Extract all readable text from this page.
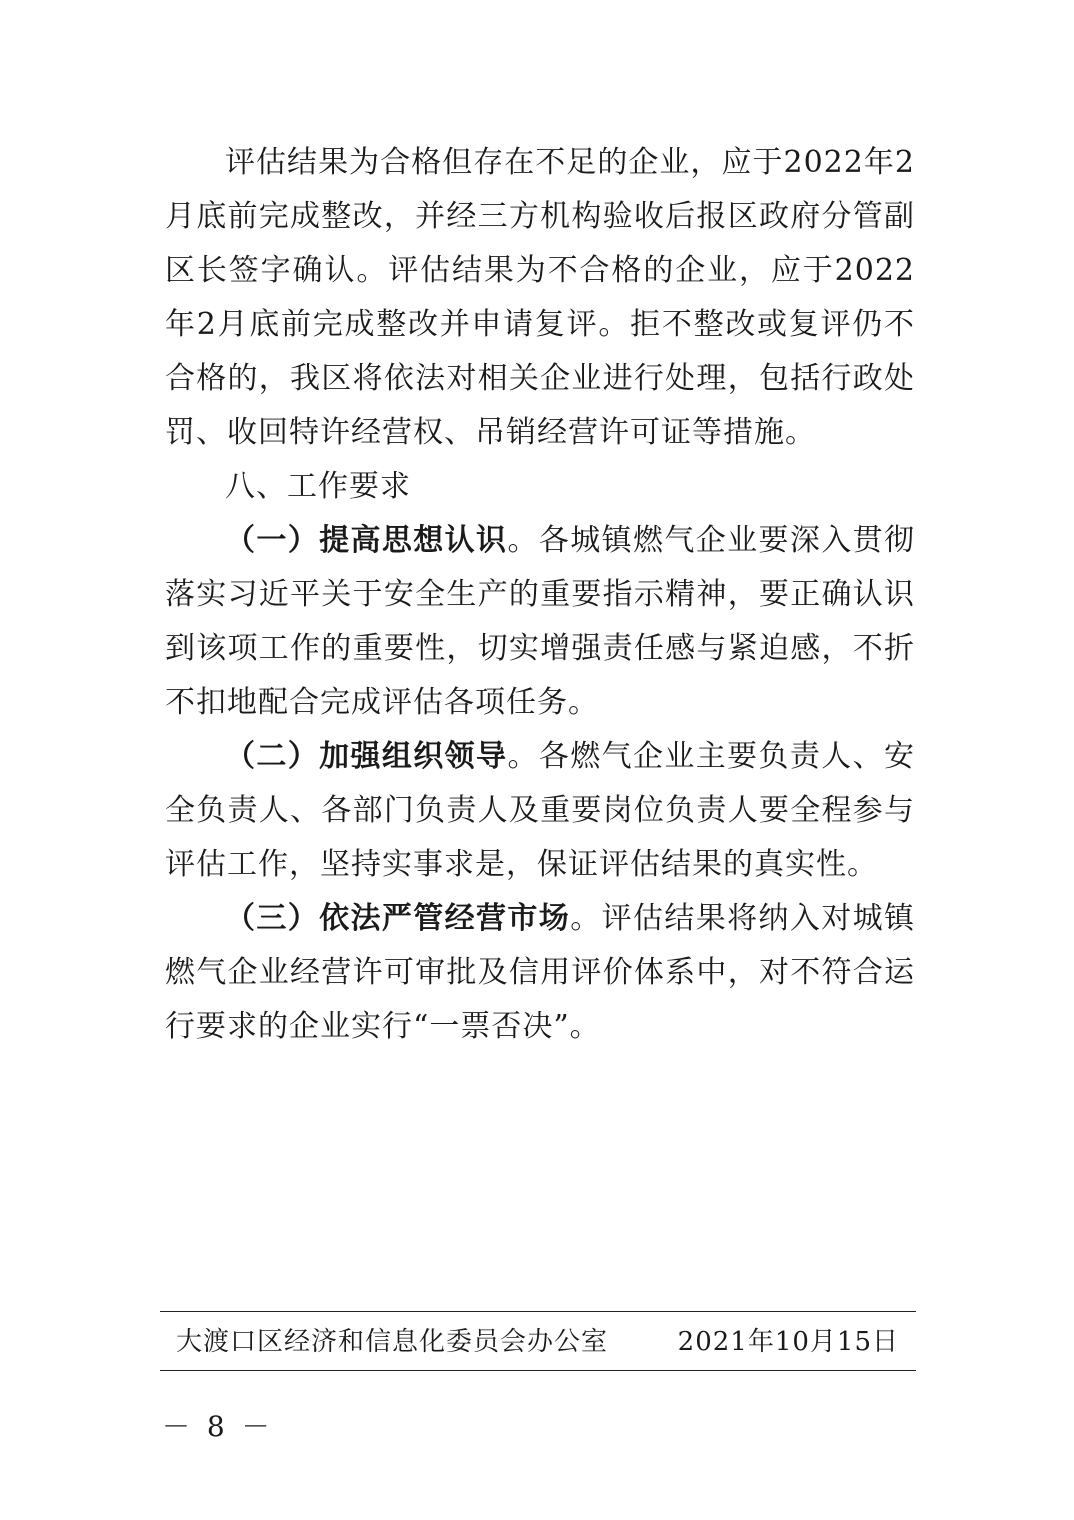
评估结果为合格但存在不足的企业，应于2022年2月底前完成整改，并经三方机构验收后报区政府分管副区长签字确认。评估结果为不合格的企业，应于2022年2月底前完成整改并申请复评。拒不整改或复评仍不合格的，我区将依法对相关企业进行处理，包括行政处罚、收回特许经营权、吊销经营许可证等措施。

八、工作要求

（一）提高思想认识。各城镇燃气企业要深入贯彻落实习近平关于安全生产的重要指示精神，要正确认识到该项工作的重要性，切实增强责任感与紧迫感，不折不扣地配合完成评估各项任务。

（二）加强组织领导。各燃气企业主要负责人、安全负责人、各部门负责人及重要岗位负责人要全程参与评估工作，坚持实事求是，保证评估结果的真实性。

（三）依法严管经营市场。评估结果将纳入对城镇燃气企业经营许可审批及信用评价体系中，对不符合运行要求的企业实行“一票否决”。

大渡口区经济和信息化委员会办公室	2021年10月15日
－ 8 －
